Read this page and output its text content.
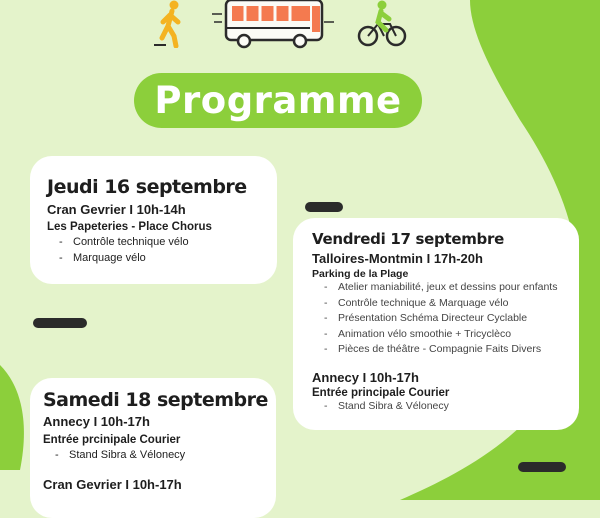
Programme
Jeudi 16 septembre

Cran Gevrier I 10h-14h

Les Papeteries - Place Chorus

- Contrôle technique vélo
- Marquage vélo
Vendredi 17 septembre

Talloires-Montmin I 17h-20h

Parking de la Plage

- Atelier maniabilité, jeux et dessins pour enfants
- Contrôle technique & Marquage vélo
- Présentation Schéma Directeur Cyclable
- Animation vélo smoothie + Tricyclèco
- Pièces de théâtre - Compagnie Faits Divers

Annecy I 10h-17h

Entrée principale Courier

- Stand Sibra & Vélonecy
Samedi 18 septembre

Annecy I 10h-17h

Entrée prcinipale Courier

- Stand Sibra & Vélonecy

Cran Gevrier I 10h-17h
